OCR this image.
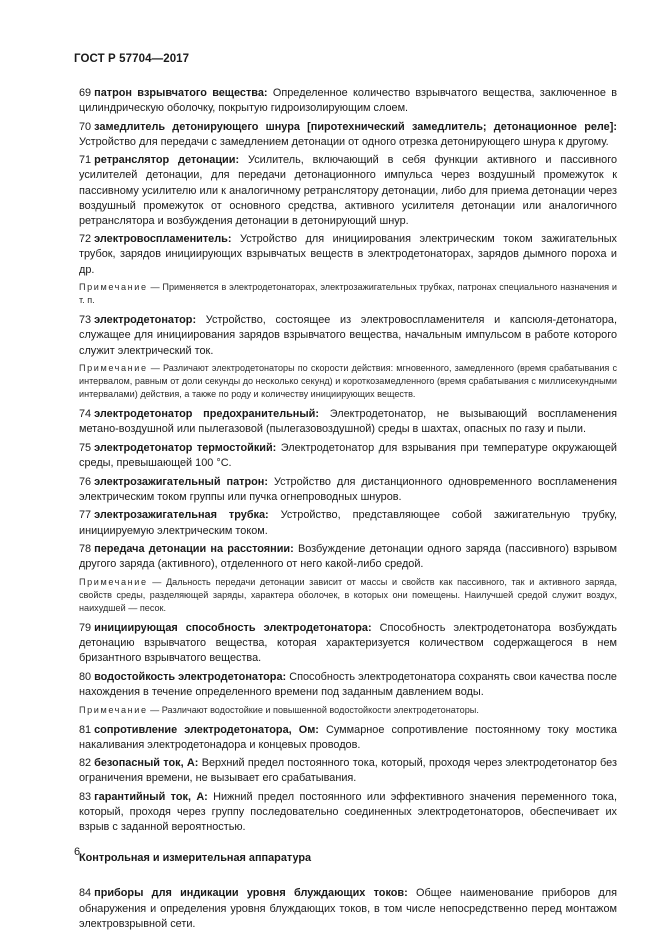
ГОСТ Р 57704—2017

69 патрон взрывчатого вещества: Определенное количество взрывчатого вещества, заключенное в цилиндрическую оболочку, покрытую гидроизолирующим слоем.

70 замедлитель детонирующего шнура [пиротехнический замедлитель; детонационное реле]: Устройство для передачи с замедлением детонации от одного отрезка детонирующего шнура к другому.

71 ретранслятор детонации: Усилитель, включающий в себя функции активного и пассивного усилителей детонации, для передачи детонационного импульса через воздушный промежуток к пассивному усилителю или к аналогичному ретранслятору детонации, либо для приема детонации через воздушный промежуток от основного средства, активного усилителя детонации или аналогичного ретранслятора и возбуждения детонации в детонирующий шнур.

72 электровоспламенитель: Устройство для инициирования электрическим током зажигательных трубок, зарядов инициирующих взрывчатых веществ в электродетонаторах, зарядов дымного пороха и др.

Примечание — Применяется в электродетонаторах, электрозажигательных трубках, патронах специального назначения и т. п.

73 электродетонатор: Устройство, состоящее из электровоспламенителя и капсюля-детонатора, служащее для инициирования зарядов взрывчатого вещества, начальным импульсом в работе которого служит электрический ток.

Примечание — Различают электродетонаторы по скорости действия: мгновенного, замедленного (время срабатывания с интервалом, равным от доли секунды до несколько секунд) и короткозамедленного (время срабатывания с миллисекундными интервалами) действия, а также по роду и количеству инициирующих веществ.

74 электродетонатор предохранительный: Электродетонатор, не вызывающий воспламенения метано-воздушной или пылегазовой (пылегазовоздушной) среды в шахтах, опасных по газу и пыли.

75 электродетонатор термостойкий: Электродетонатор для взрывания при температуре окружающей среды, превышающей 100 °С.

76 электрозажигательный патрон: Устройство для дистанционного одновременного воспламенения электрическим током группы или пучка огнепроводных шнуров.

77 электрозажигательная трубка: Устройство, представляющее собой зажигательную трубку, инициируемую электрическим током.

78 передача детонации на расстоянии: Возбуждение детонации одного заряда (пассивного) взрывом другого заряда (активного), отделенного от него какой-либо средой.

Примечание — Дальность передачи детонации зависит от массы и свойств как пассивного, так и активного заряда, свойств среды, разделяющей заряды, характера оболочек, в которых они помещены. Наилучшей средой служит воздух, наихудшей — песок.

79 инициирующая способность электродетонатора: Способность электродетонатора возбуждать детонацию взрывчатого вещества, которая характеризуется количеством содержащегося в нем бризантного взрывчатого вещества.

80 водостойкость электродетонатора: Способность электродетонатора сохранять свои качества после нахождения в течение определенного времени под заданным давлением воды.

Примечание — Различают водостойкие и повышенной водостойкости электродетонаторы.

81 сопротивление электродетонатора, Ом: Суммарное сопротивление постоянному току мостика накаливания электродетонадора и концевых проводов.

82 безопасный ток, А: Верхний предел постоянного тока, который, проходя через электродетонатор без ограничения времени, не вызывает его срабатывания.

83 гарантийный ток, А: Нижний предел постоянного или эффективного значения переменного тока, который, проходя через группу последовательно соединенных электродетонаторов, обеспечивает их взрыв с заданной вероятностью.

Контрольная и измерительная аппаратура

84 приборы для индикации уровня блуждающих токов: Общее наименование приборов для обнаружения и определения уровня блуждающих токов, в том числе непосредственно перед монтажом электровзрывной сети.

6
